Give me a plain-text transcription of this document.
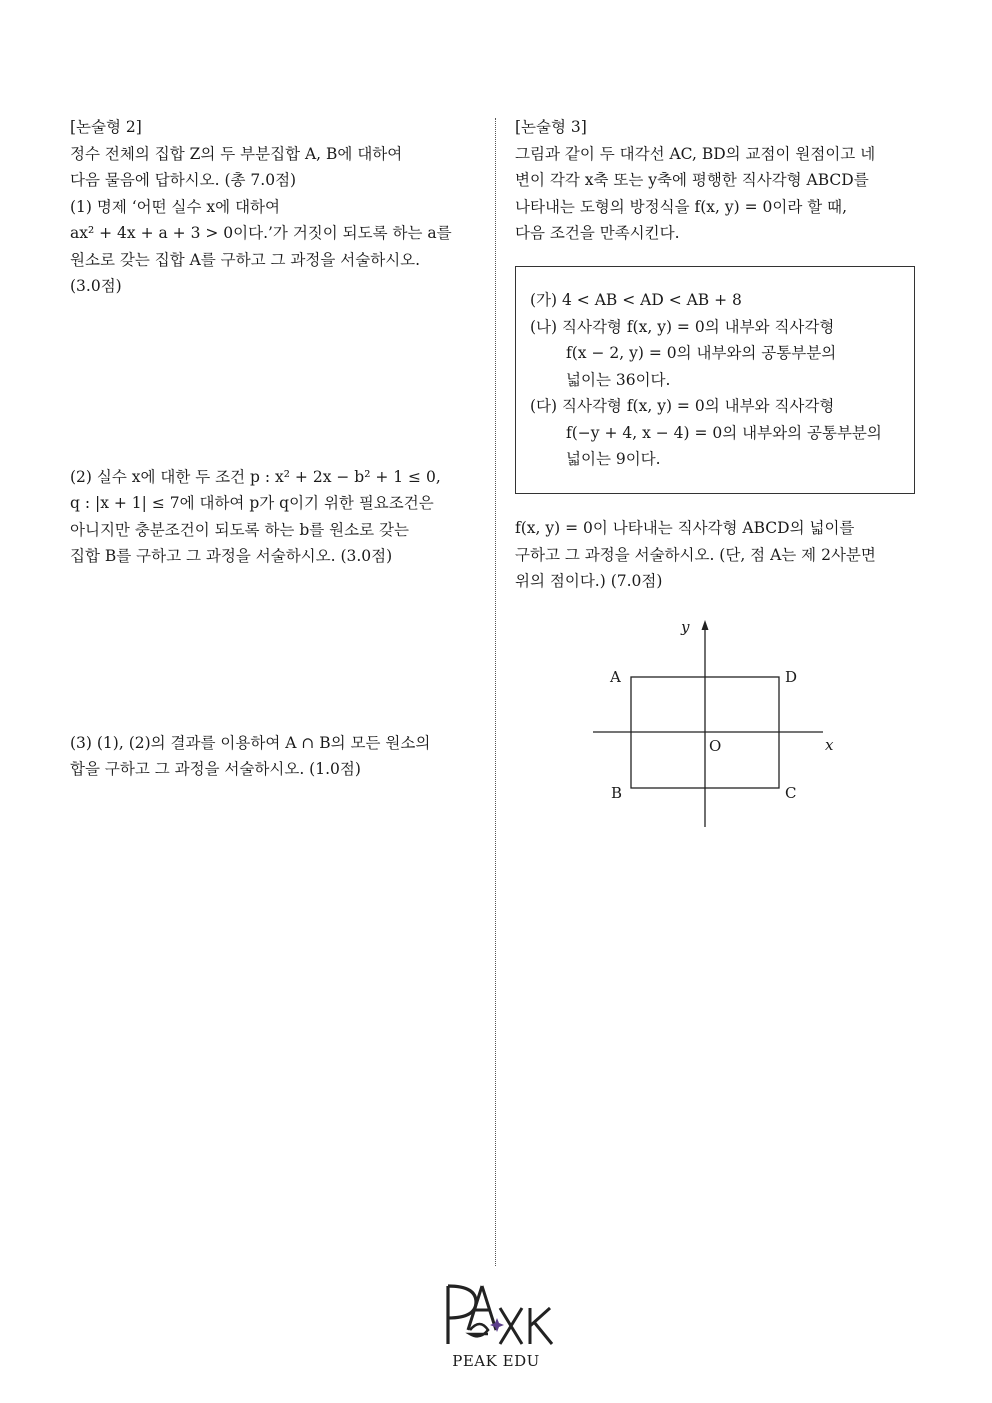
[논술형 2]

정수 전체의 집합 Z의 두 부분집합 A, B에 대하여

다음 물음에 답하시오. (총 7.0점)

(1) 명제 ‘어떤 실수 x에 대하여

ax² + 4x + a + 3 > 0이다.’가 거짓이 되도록 하는 a를

원소로 갖는 집합 A를 구하고 그 과정을 서술하시오.

(3.0점)

(2) 실수 x에 대한 두 조건 p : x² + 2x − b² + 1 ≤ 0,

q : |x + 1| ≤ 7에 대하여 p가 q이기 위한 필요조건은

아니지만 충분조건이 되도록 하는 b를 원소로 갖는

집합 B를 구하고 그 과정을 서술하시오. (3.0점)

(3) (1), (2)의 결과를 이용하여 A ∩ B의 모든 원소의

합을 구하고 그 과정을 서술하시오. (1.0점)

[논술형 3]

그림과 같이 두 대각선 AC, BD의 교점이 원점이고 네

변이 각각 x축 또는 y축에 평행한 직사각형 ABCD를

나타내는 도형의 방정식을 f(x, y) = 0이라 할 때,

다음 조건을 만족시킨다.

(가) 4 < AB < AD < AB + 8

(나) 직사각형 f(x, y) = 0의 내부와 직사각형

f(x − 2, y) = 0의 내부와의 공통부분의

넓이는 36이다.

(다) 직사각형 f(x, y) = 0의 내부와 직사각형

f(−y + 4, x − 4) = 0의 내부와의 공통부분의

넓이는 9이다.

f(x, y) = 0이 나타내는 직사각형 ABCD의 넓이를

구하고 그 과정을 서술하시오. (단, 점 A는 제 2사분면

위의 점이다.) (7.0점)

y
x
O
A	D
B	C
PEAK EDU
